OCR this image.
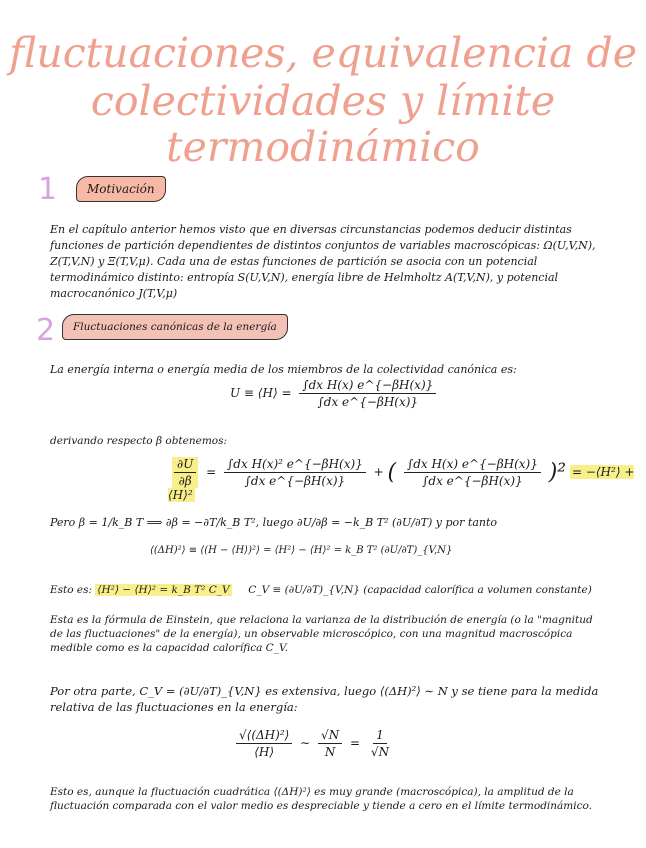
fluctuaciones, equivalencia de
colectividades y límite
termodinámico
1	Motivación
En el capítulo anterior hemos visto que en diversas circunstancias podemos deducir distintas funciones de partición dependientes de distintos conjuntos de variables macroscópicas: Ω(U,V,N), Z(T,V,N) y Ξ(T,V,μ). Cada una de estas funciones de partición se asocia con un potencial termodinámico distinto: entropía S(U,V,N), energía libre de Helmholtz A(T,V,N), y potencial macrocanónico J(T,V,μ)
2	Fluctuaciones canónicas de la energía
La energía interna o energía media de los miembros de la colectividad canónica es:
U ≡ ⟨H⟩ = $\frac{\text{∫dx H(x) e\textasciicircum{}\{−βH(x)\}}}{\text{∫dx e\textasciicircum{}\{−βH(x)\}}}$
derivando respecto β obtenemos:
$\frac{\partial U}{\partial\beta} = \frac{\text{∫dx H(x)² e\textasciicircum{}\{−βH(x)\}}}{\text{∫dx e\textasciicircum{}\{−βH(x)\}}}$ + ( $\frac{\text{∫dx H(x) e\textasciicircum{}\{−βH(x)\}}}{\text{∫dx e\textasciicircum{}\{−βH(x)\}}} )^2$ = −⟨H²⟩ + ⟨H⟩²
Pero β = 1/k_B T ⟹ ∂β = −∂T/k_B T², luego ∂U/∂β = −k_B T² (∂U/∂T) y por tanto
⟨(ΔH)²⟩ ≡ ⟨(H − ⟨H⟩)²⟩ = ⟨H²⟩ − ⟨H⟩² = k_B T² (∂U/∂T)_{V,N}
Esto es: ⟨H²⟩ − ⟨H⟩² = k_B T² C_V C_V ≡ (∂U/∂T)_{V,N} (capacidad calorífica a volumen constante)
Esta es la fórmula de Einstein, que relaciona la varianza de la distribución de energía (o la "magnitud de las fluctuaciones" de la energía), un observable microscópico, con una magnitud macroscópica medible como es la capacidad calorífica C_V.
Por otra parte, C_V = (∂U/∂T)_{V,N} es extensiva, luego ⟨(ΔH)²⟩ ∼ N y se tiene para la medida relativa de las fluctuaciones en la energía:
$\frac{\text{√⟨(ΔH)²⟩}}{⟨H⟩}$ ∼ $\frac{√N}{N} = \frac{1}{√N}$
Esto es, aunque la fluctuación cuadrática ⟨(ΔH)²⟩ es muy grande (macroscópica), la amplitud de la fluctuación comparada con el valor medio es despreciable y tiende a cero en el límite termodinámico.
